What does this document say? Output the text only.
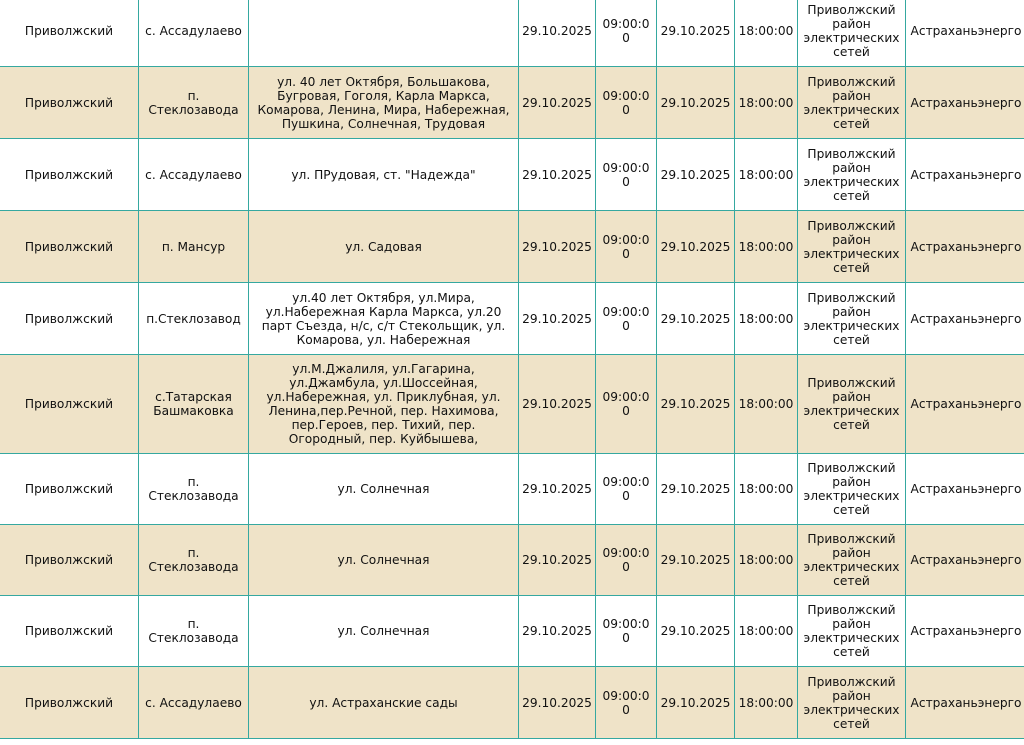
Приволжский	с. Ассадулаево		29.10.2025	09:00:00	29.10.2025	18:00:00	Приволжский район электрических сетей	Астраханьэнерго
Приволжский	п. Стеклозавода	ул. 40 лет Октября, Большакова, Бугровая, Гоголя, Карла Маркса, Комарова, Ленина, Мира, Набережная, Пушкина, Солнечная, Трудовая	29.10.2025	09:00:00	29.10.2025	18:00:00	Приволжский район электрических сетей	Астраханьэнерго
Приволжский	с. Ассадулаево	ул. ПРудовая, ст. "Надежда"	29.10.2025	09:00:00	29.10.2025	18:00:00	Приволжский район электрических сетей	Астраханьэнерго
Приволжский	п. Мансур	ул. Садовая	29.10.2025	09:00:00	29.10.2025	18:00:00	Приволжский район электрических сетей	Астраханьэнерго
Приволжский	п.Стеклозавод	ул.40 лет Октября, ул.Мира, ул.Набережная Карла Маркса, ул.20 парт Съезда, н/с, с/т Стекольщик, ул. Комарова, ул. Набережная	29.10.2025	09:00:00	29.10.2025	18:00:00	Приволжский район электрических сетей	Астраханьэнерго
Приволжский	с.Татарская Башмаковка	ул.М.Джалиля, ул.Гагарина, ул.Джамбула, ул.Шоссейная, ул.Набережная, ул. Приклубная, ул. Ленина,пер.Речной, пер. Нахимова, пер.Героев, пер. Тихий, пер. Огородный, пер. Куйбышева,	29.10.2025	09:00:00	29.10.2025	18:00:00	Приволжский район электрических сетей	Астраханьэнерго
Приволжский	п. Стеклозавода	ул. Солнечная	29.10.2025	09:00:00	29.10.2025	18:00:00	Приволжский район электрических сетей	Астраханьэнерго
Приволжский	п. Стеклозавода	ул. Солнечная	29.10.2025	09:00:00	29.10.2025	18:00:00	Приволжский район электрических сетей	Астраханьэнерго
Приволжский	п. Стеклозавода	ул. Солнечная	29.10.2025	09:00:00	29.10.2025	18:00:00	Приволжский район электрических сетей	Астраханьэнерго
Приволжский	с. Ассадулаево	ул. Астраханские сады	29.10.2025	09:00:00	29.10.2025	18:00:00	Приволжский район электрических сетей	Астраханьэнерго
